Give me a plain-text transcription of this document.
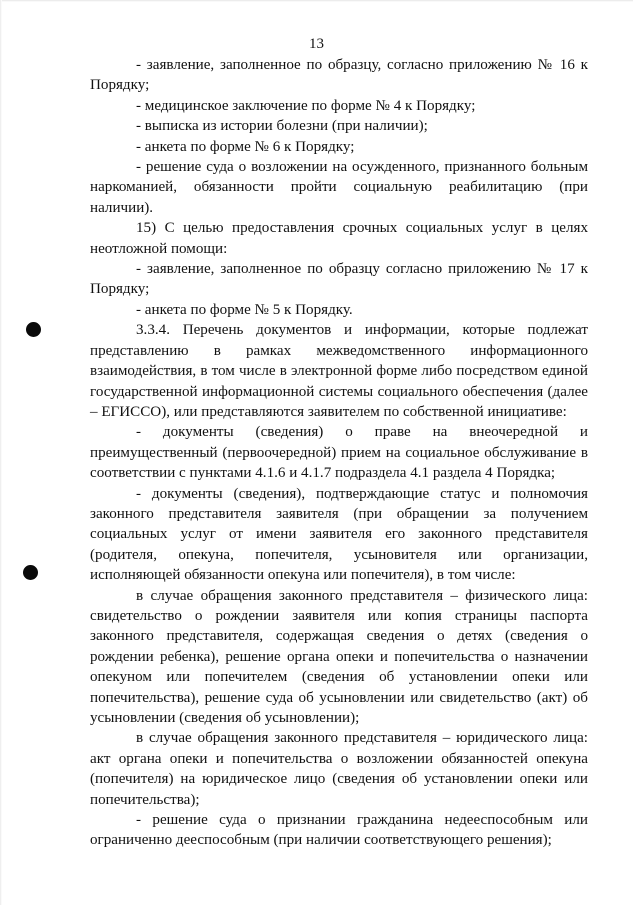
13

- заявление, заполненное по образцу, согласно приложению № 16 к Порядку;

- медицинское заключение по форме № 4 к Порядку;

- выписка из истории болезни (при наличии);

- анкета по форме № 6 к Порядку;

- решение суда о возложении на осужденного, признанного больным наркоманией, обязанности пройти социальную реабилитацию (при наличии).

15) С целью предоставления срочных социальных услуг в целях неотложной помощи:

- заявление, заполненное по образцу согласно приложению № 17 к Порядку;

- анкета по форме № 5 к Порядку.

3.3.4. Перечень документов и информации, которые подлежат представлению в рамках межведомственного информационного взаимодействия, в том числе в электронной форме либо посредством единой государственной информационной системы социального обеспечения (далее – ЕГИССО), или представляются заявителем по собственной инициативе:

- документы (сведения) о праве на внеочередной и преимущественный (первоочередной) прием на социальное обслуживание в соответствии с пунктами 4.1.6 и 4.1.7 подраздела 4.1 раздела 4 Порядка;

- документы (сведения), подтверждающие статус и полномочия законного представителя заявителя (при обращении за получением социальных услуг от имени заявителя его законного представителя (родителя, опекуна, попечителя, усыновителя или организации, исполняющей обязанности опекуна или попечителя), в том числе:

в случае обращения законного представителя – физического лица: свидетельство о рождении заявителя или копия страницы паспорта законного представителя, содержащая сведения о детях (сведения о рождении ребенка), решение органа опеки и попечительства о назначении опекуном или попечителем (сведения об установлении опеки или попечительства), решение суда об усыновлении или свидетельство (акт) об усыновлении (сведения об усыновлении);

в случае обращения законного представителя – юридического лица: акт органа опеки и попечительства о возложении обязанностей опекуна (попечителя) на юридическое лицо (сведения об установлении опеки или попечительства);

- решение суда о признании гражданина недееспособным или ограниченно дееспособным (при наличии соответствующего решения);
